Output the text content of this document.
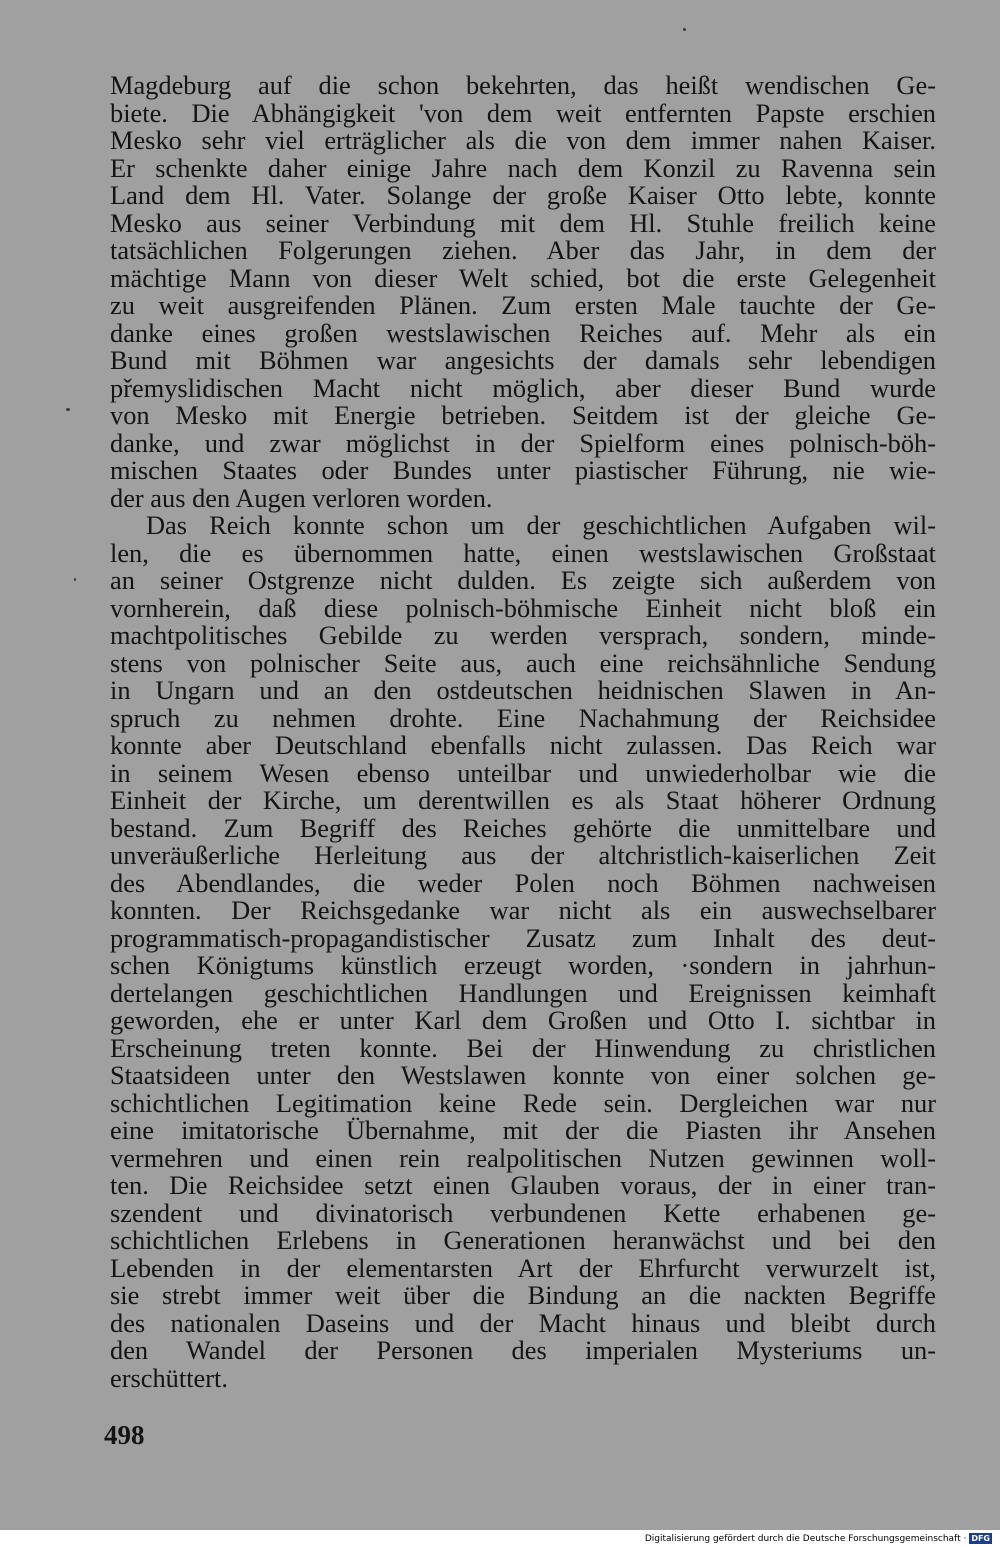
Magdeburg auf die schon bekehrten, das heißt wendischen Ge-
biete. Die Abhängigkeit 'von dem weit entfernten Papste erschien
Mesko sehr viel erträglicher als die von dem immer nahen Kaiser.
Er schenkte daher einige Jahre nach dem Konzil zu Ravenna sein
Land dem Hl. Vater. Solange der große Kaiser Otto lebte, konnte
Mesko aus seiner Verbindung mit dem Hl. Stuhle freilich keine
tatsächlichen Folgerungen ziehen. Aber das Jahr, in dem der
mächtige Mann von dieser Welt schied, bot die erste Gelegenheit
zu weit ausgreifenden Plänen. Zum ersten Male tauchte der Ge-
danke eines großen westslawischen Reiches auf. Mehr als ein
Bund mit Böhmen war angesichts der damals sehr lebendigen
přemyslidischen Macht nicht möglich, aber dieser Bund wurde
von Mesko mit Energie betrieben. Seitdem ist der gleiche Ge-
danke, und zwar möglichst in der Spielform eines polnisch-böh-
mischen Staates oder Bundes unter piastischer Führung, nie wie-
der aus den Augen verloren worden.
Das Reich konnte schon um der geschichtlichen Aufgaben wil-
len, die es übernommen hatte, einen westslawischen Großstaat
an seiner Ostgrenze nicht dulden. Es zeigte sich außerdem von
vornherein, daß diese polnisch-böhmische Einheit nicht bloß ein
machtpolitisches Gebilde zu werden versprach, sondern, minde-
stens von polnischer Seite aus, auch eine reichsähnliche Sendung
in Ungarn und an den ostdeutschen heidnischen Slawen in An-
spruch zu nehmen drohte. Eine Nachahmung der Reichsidee
konnte aber Deutschland ebenfalls nicht zulassen. Das Reich war
in seinem Wesen ebenso unteilbar und unwiederholbar wie die
Einheit der Kirche, um derentwillen es als Staat höherer Ordnung
bestand. Zum Begriff des Reiches gehörte die unmittelbare und
unveräußerliche Herleitung aus der altchristlich-kaiserlichen Zeit
des Abendlandes, die weder Polen noch Böhmen nachweisen
konnten. Der Reichsgedanke war nicht als ein auswechselbarer
programmatisch-propagandistischer Zusatz zum Inhalt des deut-
schen Königtums künstlich erzeugt worden, ·sondern in jahrhun-
dertelangen geschichtlichen Handlungen und Ereignissen keimhaft
geworden, ehe er unter Karl dem Großen und Otto I. sichtbar in
Erscheinung treten konnte. Bei der Hinwendung zu christlichen
Staatsideen unter den Westslawen konnte von einer solchen ge-
schichtlichen Legitimation keine Rede sein. Dergleichen war nur
eine imitatorische Übernahme, mit der die Piasten ihr Ansehen
vermehren und einen rein realpolitischen Nutzen gewinnen woll-
ten. Die Reichsidee setzt einen Glauben voraus, der in einer tran-
szendent und divinatorisch verbundenen Kette erhabenen ge-
schichtlichen Erlebens in Generationen heranwächst und bei den
Lebenden in der elementarsten Art der Ehrfurcht verwurzelt ist,
sie strebt immer weit über die Bindung an die nackten Begriffe
des nationalen Daseins und der Macht hinaus und bleibt durch
den Wandel der Personen des imperialen Mysteriums un-
erschüttert.
498
Digitalisierung gefördert durch die Deutsche Forschungsgemeinschaft · DFG
